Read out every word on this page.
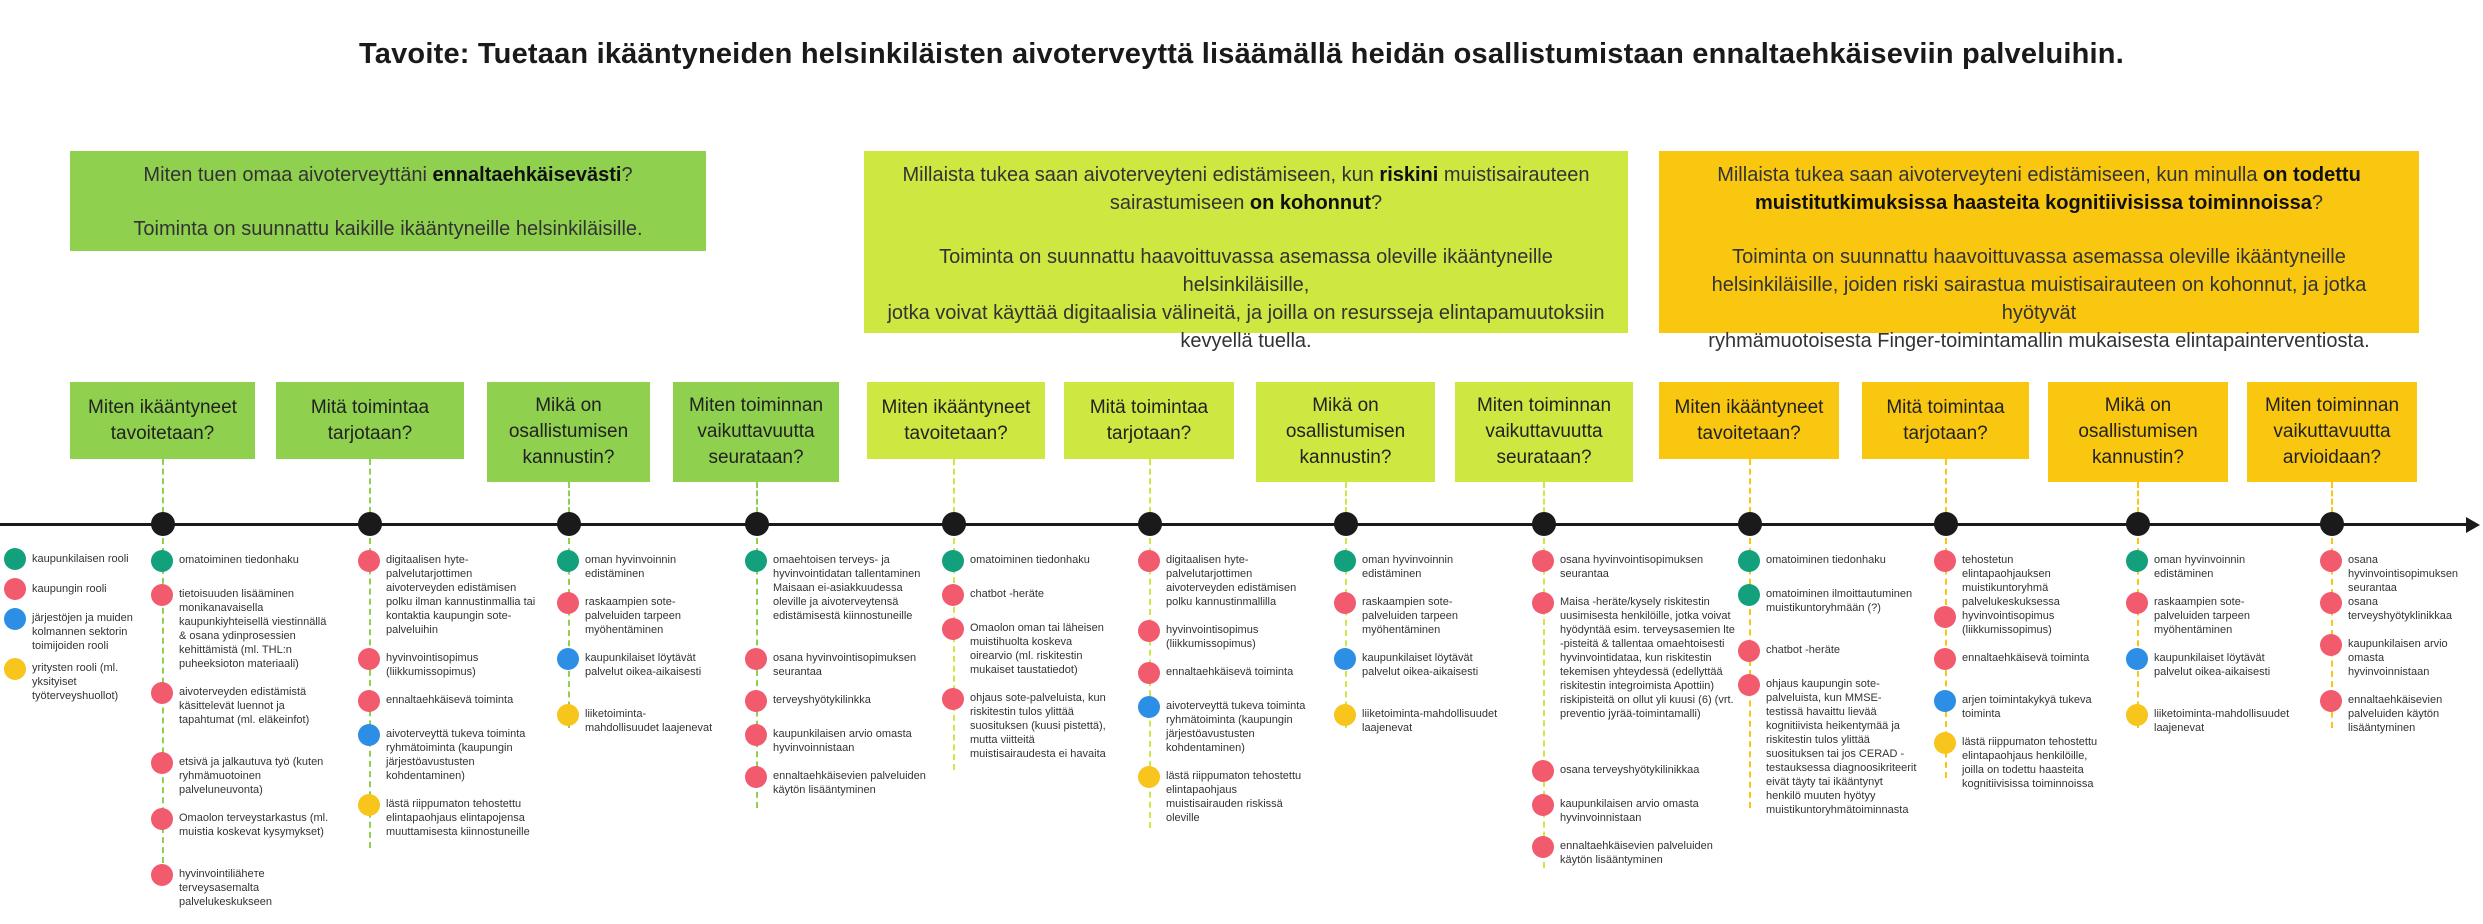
Tavoite: Tuetaan ikääntyneiden helsinkiläisten aivoterveyttä lisäämällä heidän osallistumistaan ennaltaehkäiseviin palveluihin.
Miten tuen omaa aivoterveyttäni ennaltaehkäisevästi?
Toiminta on suunnattu kaikille ikääntyneille helsinkiläisille.
Millaista tukea saan aivoterveyteni edistämiseen, kun riskini muistisairauteen
sairastumiseen on kohonnut?
Toiminta on suunnattu haavoittuvassa asemassa oleville ikääntyneille helsinkiläisille,
jotka voivat käyttää digitaalisia välineitä, ja joilla on resursseja elintapamuutoksiin
kevyellä tuella.
Millaista tukea saan aivoterveyteni edistämiseen, kun minulla on todettu
muistitutkimuksissa haasteita kognitiivisissa toiminnoissa?
Toiminta on suunnattu haavoittuvassa asemassa oleville ikääntyneille
helsinkiläisille, joiden riski sairastua muistisairauteen on kohonnut, ja jotka hyötyvät
ryhmämuotoisesta Finger-toimintamallin mukaisesta elintapainterventiosta.
Miten ikääntyneet
tavoitetaan?
Mitä toimintaa
tarjotaan?
Mikä on
osallistumisen
kannustin?
Miten toiminnan
vaikuttavuutta
seurataan?
Miten ikääntyneet
tavoitetaan?
Mitä toimintaa
tarjotaan?
Mikä on
osallistumisen
kannustin?
Miten toiminnan
vaikuttavuutta
seurataan?
Miten ikääntyneet
tavoitetaan?
Mitä toimintaa
tarjotaan?
Mikä on
osallistumisen
kannustin?
Miten toiminnan
vaikuttavuutta
arvioidaan?
kaupunkilaisen rooli
kaupungin rooli
järjestöjen ja muiden kolmannen sektorin toimijoiden rooli
yritysten rooli (ml. yksityiset työterveyshuollot)
omatoiminen tiedonhaku
tietoisuuden lisääminen monikanavaisella kaupunkiyhteisellä viestinnällä & osana ydinprosessien kehittämistä (ml. THL:n puheeksioton materiaali)
aivoterveyden edistämistä käsittelevät luennot ja tapahtumat (ml. eläkeinfot)
etsivä ja jalkautuva työ (kuten ryhmämuotoinen palveluneuvonta)
Omaolon terveystarkastus (ml. muistia koskevat kysymykset)
hyvinvointiliäheте terveysasemalta palvelukeskukseen
digitaalisen hyte-palvelutarjottimen aivoterveyden edistämisen polku ilman kannustinmallia tai kontaktia kaupungin sote-palveluihin
hyvinvointisopimus (liikkumissopimus)
ennaltaehkäisevä toiminta
aivoterveyttä tukeva toiminta ryhmätoiminta (kaupungin järjestöavustusten kohdentaminen)
lästä riippumaton tehostettu elintapaohjaus elintapojensa muuttamisesta kiinnostuneille
oman hyvinvoinnin edistäminen
raskaampien sote-palveluiden tarpeen myöhentäminen
kaupunkilaiset löytävät palvelut oikea-aikaisesti
liiketoiminta-mahdollisuudet laajenevat
omaehtoisen terveys- ja hyvinvointidatan tallentaminen Maisaan ei-asiakkuudessa oleville ja aivoterveytensä edistämisestä kiinnostuneille
osana hyvinvointisopimuksen seurantaa
terveyshyötykilinkka
kaupunkilaisen arvio omasta hyvinvoinnistaan
ennaltaehkäisevien palveluiden käytön lisääntyminen
omatoiminen tiedonhaku
chatbot -heräte
Omaolon oman tai läheisen muistihuolta koskeva oirearvio (ml. riskitestin mukaiset taustatiedot)
ohjaus sote-palveluista, kun riskitestin tulos ylittää suosituksen (kuusi pistettä), mutta viitteitä muistisairaudesta ei havaita
digitaalisen hyte-palvelutarjottimen aivoterveyden edistämisen polku kannustinmallilla
hyvinvointisopimus (liikkumissopimus)
ennaltaehkäisevä toiminta
aivoterveyttä tukeva toiminta ryhmätoiminta (kaupungin järjestöavustusten kohdentaminen)
lästä riippumaton tehostettu elintapaohjaus muistisairauden riskissä oleville
oman hyvinvoinnin edistäminen
raskaampien sote-palveluiden tarpeen myöhentäminen
kaupunkilaiset löytävät palvelut oikea-aikaisesti
liiketoiminta-mahdollisuudet laajenevat
osana hyvinvointisopimuksen seurantaa
Maisa -heräte/kysely riskitestin uusimisesta henkilöille, jotka voivat hyödyntää esim. terveysasemien lte -pisteitä & tallentaa omaehtoisesti hyvinvointidataa, kun riskitestin tekemisen yhteydessä (edellyttää riskitestin integroimista Apottiin) riskipisteitä on ollut yli kuusi (6) (vrt. preventio jyrää-toimintamalli)
osana terveyshyötykilinikkaa
kaupunkilaisen arvio omasta hyvinvoinnistaan
ennaltaehkäisevien palveluiden käytön lisääntyminen
omatoiminen tiedonhaku
omatoiminen ilmoittautuminen muistikuntoryhmään (?)
chatbot -heräte
ohjaus kaupungin sote-palveluista, kun MMSE-testissä havaittu lievää kognitiivista heikentymää ja riskitestin tulos ylittää suosituksen tai jos CERAD -testauksessa diagnoosikriteerit eivät täyty tai ikääntynyt henkilö muuten hyötyy muistikuntoryhmätoiminnasta
tehostetun elintapaohjauksen muistikuntoryhmä palvelukeskuksessa
hyvinvointisopimus (liikkumissopimus)
ennaltaehkäisevä toiminta
arjen toimintakykyä tukeva toiminta
lästä riippumaton tehostettu elintapaohjaus henkilöille, joilla on todettu haasteita kognitiivisissa toiminnoissa
oman hyvinvoinnin edistäminen
raskaampien sote-palveluiden tarpeen myöhentäminen
kaupunkilaiset löytävät palvelut oikea-aikaisesti
liiketoiminta-mahdollisuudet laajenevat
osana hyvinvointisopimuksen seurantaa
osana terveyshyötyklinikkaa
kaupunkilaisen arvio omasta hyvinvoinnistaan
ennaltaehkäisevien palveluiden käytön lisääntyminen
